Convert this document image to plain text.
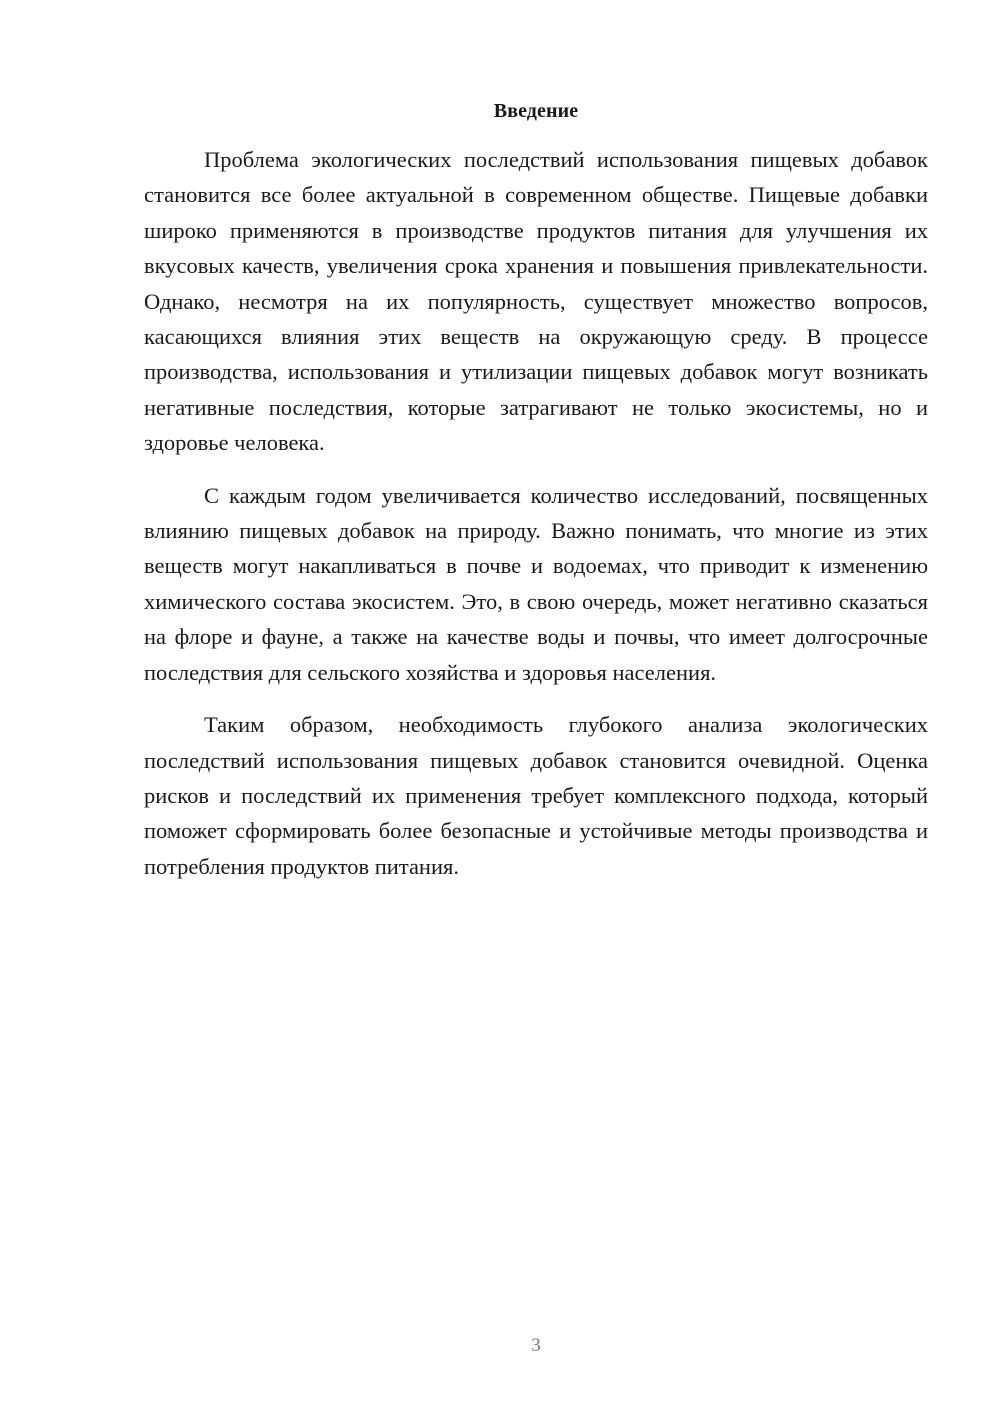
Введение

Проблема экологических последствий использования пищевых добавок становится все более актуальной в современном обществе. Пищевые добавки широко применяются в производстве продуктов питания для улучшения их вкусовых качеств, увеличения срока хранения и повышения привлекательности. Однако, несмотря на их популярность, существует множество вопросов, касающихся влияния этих веществ на окружающую среду. В процессе производства, использования и утилизации пищевых добавок могут возникать негативные последствия, которые затрагивают не только экосистемы, но и здоровье человека.

С каждым годом увеличивается количество исследований, посвященных влиянию пищевых добавок на природу. Важно понимать, что многие из этих веществ могут накапливаться в почве и водоемах, что приводит к изменению химического состава экосистем. Это, в свою очередь, может негативно сказаться на флоре и фауне, а также на качестве воды и почвы, что имеет долгосрочные последствия для сельского хозяйства и здоровья населения.

Таким образом, необходимость глубокого анализа экологических последствий использования пищевых добавок становится очевидной. Оценка рисков и последствий их применения требует комплексного подхода, который поможет сформировать более безопасные и устойчивые методы производства и потребления продуктов питания.

3
